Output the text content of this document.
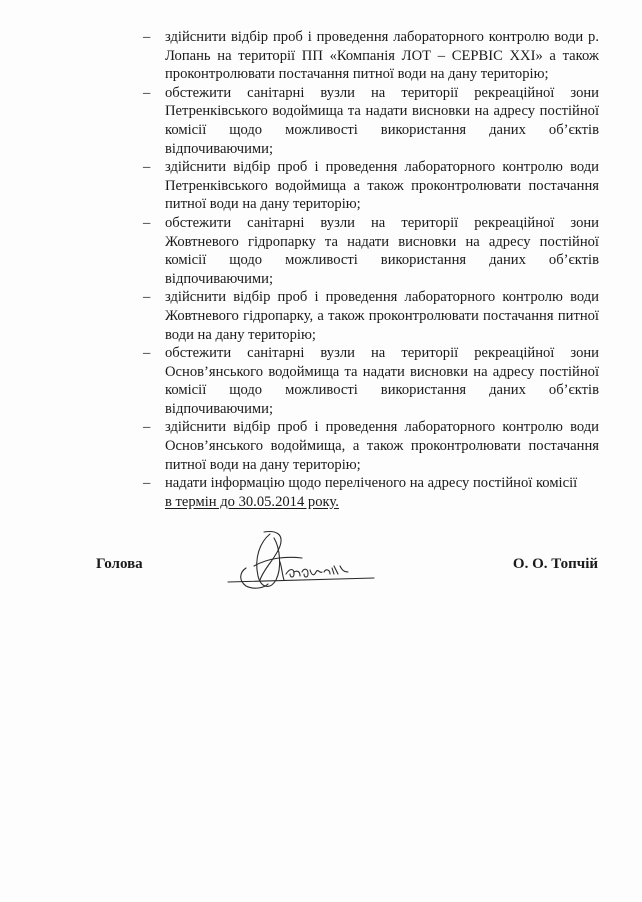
–	здійснити відбір проб і проведення лабораторного контролю води р. Лопань на території ПП «Компанія ЛОТ – СЕРВІС XXI» а також проконтролювати постачання питної води на дану територію;
–	обстежити санітарні вузли на території рекреаційної зони Петренківського водоймища та надати висновки на адресу постійної комісії щодо можливості використання даних об’єктів відпочиваючими;
–	здійснити відбір проб і проведення лабораторного контролю води Петренківського водоймища а також проконтролювати постачання питної води на дану територію;
–	обстежити санітарні вузли на території рекреаційної зони Жовтневого гідропарку та надати висновки на адресу постійної комісії щодо можливості використання даних об’єктів відпочиваючими;
–	здійснити відбір проб і проведення лабораторного контролю води Жовтневого гідропарку, а також проконтролювати постачання питної води на дану територію;
–	обстежити санітарні вузли на території рекреаційної зони Основ’янського водоймища та надати висновки на адресу постійної комісії щодо можливості використання даних об’єктів відпочиваючими;
–	здійснити відбір проб і проведення лабораторного контролю води Основ’янського водоймища, а також проконтролювати постачання питної води на дану територію;
–	надати інформацію щодо переліченого на адресу постійної комісії
в термін до 30.05.2014 року.
Голова	О. О. Топчій
